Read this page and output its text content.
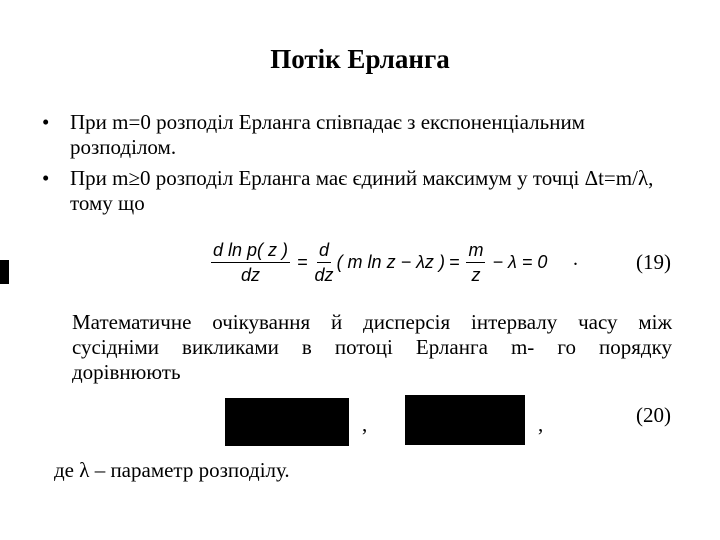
Потік Ерланга
• При m=0 розподіл Ерланга співпадає з експоненціальним розподілом.
• При m≥0 розподіл Ерланга має єдиний максимум у точці Δt=m/λ, тому що
$\frac{\text{d ln p( z )}}{dz} = \frac{d}{dz}$ ( m ln z − λz ) = $\frac{m}{z} - \lambda = 0$ .	(19)
Математичне очікування й дисперсія інтервалу часу між сусідніми викликами в потоці Ерланга m- го порядку дорівнюють
,	,	(20)
де λ – параметр розподілу.
